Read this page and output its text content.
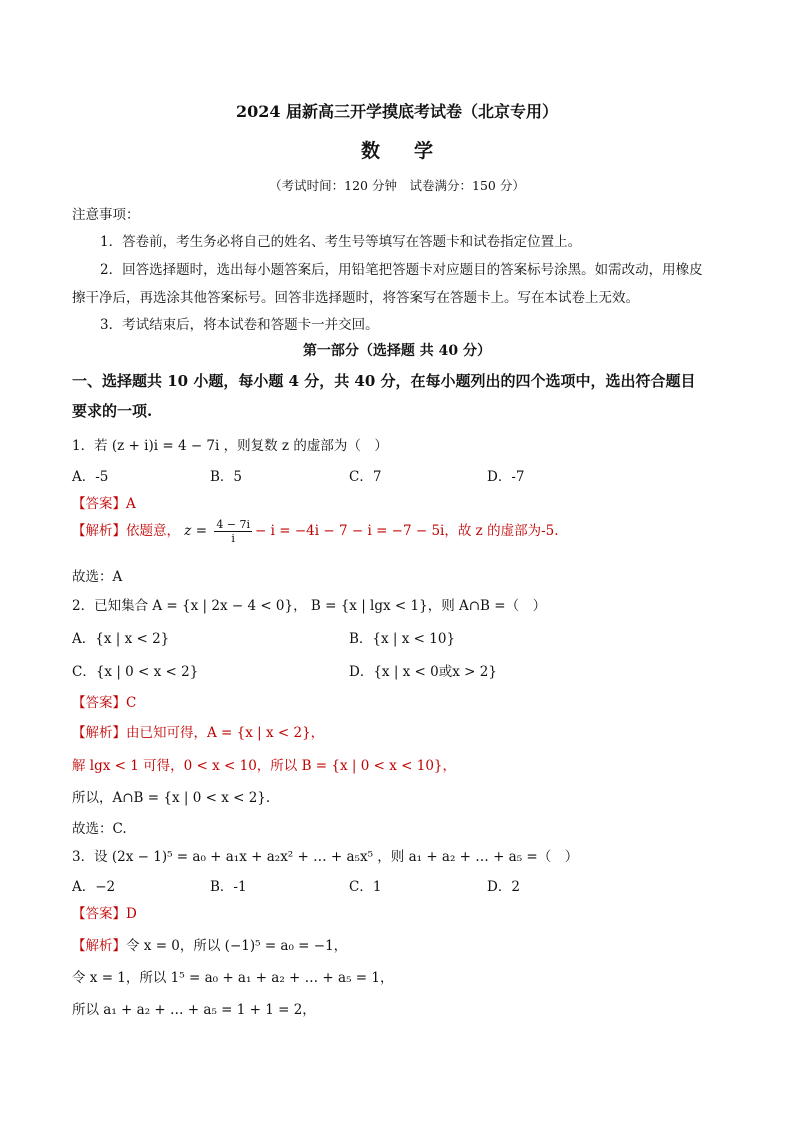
2024 届新高三开学摸底考试卷（北京专用）
数学
（考试时间：120 分钟　试卷满分：150 分）
注意事项：
1．答卷前，考生务必将自己的姓名、考生号等填写在答题卡和试卷指定位置上。
2．回答选择题时，选出每小题答案后，用铅笔把答题卡对应题目的答案标号涂黑。如需改动，用橡皮
擦干净后，再选涂其他答案标号。回答非选择题时，将答案写在答题卡上。写在本试卷上无效。
3．考试结束后，将本试卷和答题卡一并交回。
第一部分（选择题 共 40 分）
一、选择题共 10 小题，每小题 4 分，共 40 分，在每小题列出的四个选项中，选出符合题目
要求的一项.
1．若 (z + i)i = 4 − 7i ，则复数 z 的虚部为（　）
A．-5	B．5	C．7	D．-7
【答案】A
【解析】依题意， $z = \frac{4 - 7i}{i} - i = -4i - 7 - i = -7 - 5i$，故 z 的虚部为-5.
故选：A
2．已知集合 A = {x | 2x − 4 < 0}， B = {x | lgx < 1}，则 A∩B =（　）
A．{x | x < 2}	B．{x | x < 10}
C．{x | 0 < x < 2}	D．{x | x < 0或x > 2}
【答案】C
【解析】由已知可得，A = {x | x < 2}，
解 lgx < 1 可得，0 < x < 10，所以 B = {x | 0 < x < 10}，
所以，A∩B = {x | 0 < x < 2}.
故选：C.
3．设 (2x − 1)⁵ = a₀ + a₁x + a₂x² + … + a₅x⁵ ，则 a₁ + a₂ + … + a₅ =（　）
A．−2	B．-1	C．1	D．2
【答案】D
【解析】令 x = 0，所以 (−1)⁵ = a₀ = −1，
令 x = 1，所以 1⁵ = a₀ + a₁ + a₂ + … + a₅ = 1，
所以 a₁ + a₂ + … + a₅ = 1 + 1 = 2，
